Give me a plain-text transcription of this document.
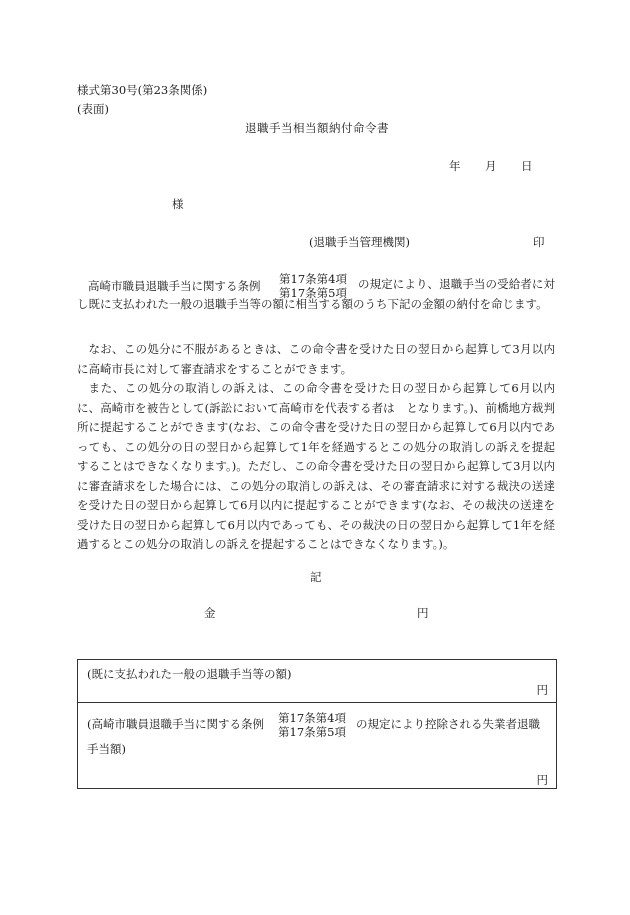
様式第30号(第23条関係)
(表面)
退職手当相当額納付命令書
年 月 日
様
(退職手当管理機関)	印
高崎市職員退職手当に関する条例 第17条第4項
第17条第5項

の規定により、退職手当の受給者に対し既に支払われた一般の退職手当等の額に相当する額のうち下記の金額の納付を命じます。

なお、この処分に不服があるときは、この命令書を受けた日の翌日から起算して3月以内に高崎市長に対して審査請求をすることができます。

また、この処分の取消しの訴えは、この命令書を受けた日の翌日から起算して6月以内に、高崎市を被告として(訴訟において高崎市を代表する者は　となります。)、前橋地方裁判所に提起することができます(なお、この命令書を受けた日の翌日から起算して6月以内であっても、この処分の日の翌日から起算して1年を経過するとこの処分の取消しの訴えを提起することはできなくなります。)。ただし、この命令書を受けた日の翌日から起算して3月以内に審査請求をした場合には、この処分の取消しの訴えは、その審査請求に対する裁決の送達を受けた日の翌日から起算して6月以内に提起することができます(なお、その裁決の送達を受けた日の翌日から起算して6月以内であっても、その裁決の日の翌日から起算して1年を経過するとこの処分の取消しの訴えを提起することはできなくなります。)。

記
金	円
(既に支払われた一般の退職手当等の額)
円
(高崎市職員退職手当に関する条例 第17条第4項
第17条第5項
の規定により控除される失業者退職
手当額)
円
